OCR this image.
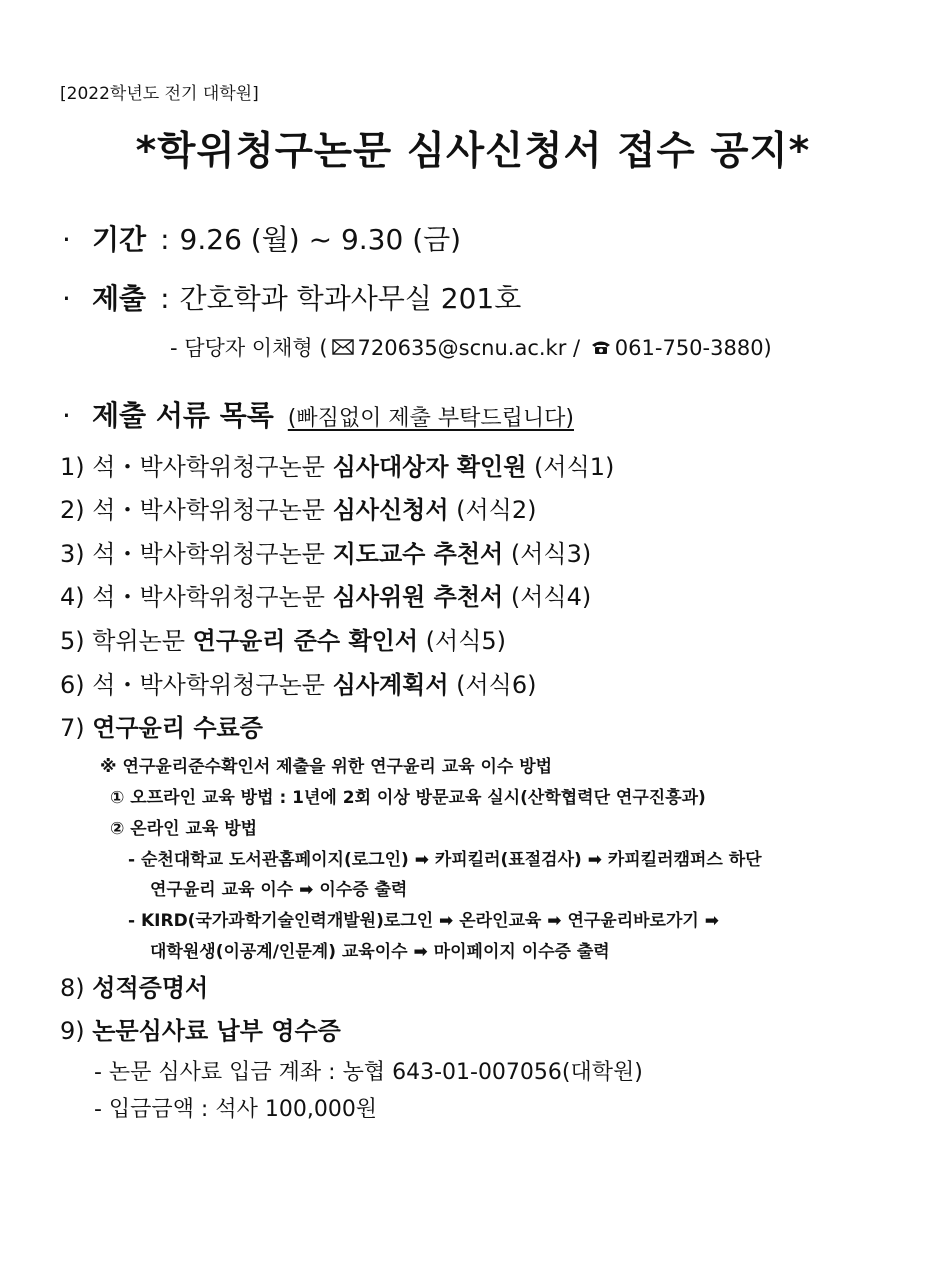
[2022학년도 전기 대학원]
*학위청구논문 심사신청서 접수 공지*
· 기간 : 9.26 (월) ~ 9.30 (금)
· 제출 : 간호학과 학과사무실 201호
- 담당자 이채형 ( 720635@scnu.ac.kr / 061-750-3880)
· 제출 서류 목록 (빠짐없이 제출 부탁드립니다)
1) 석・박사학위청구논문 심사대상자 확인원 (서식1)
2) 석・박사학위청구논문 심사신청서 (서식2)
3) 석・박사학위청구논문 지도교수 추천서 (서식3)
4) 석・박사학위청구논문 심사위원 추천서 (서식4)
5) 학위논문 연구윤리 준수 확인서 (서식5)
6) 석・박사학위청구논문 심사계획서 (서식6)
7) 연구윤리 수료증
※ 연구윤리준수확인서 제출을 위한 연구윤리 교육 이수 방법
① 오프라인 교육 방법 : 1년에 2회 이상 방문교육 실시(산학협력단 연구진흥과)
② 온라인 교육 방법
- 순천대학교 도서관홈페이지(로그인) ➡ 카피킬러(표절검사) ➡ 카피킬러캠퍼스 하단
연구윤리 교육 이수 ➡ 이수증 출력
- KIRD(국가과학기술인력개발원)로그인 ➡ 온라인교육 ➡ 연구윤리바로가기 ➡
대학원생(이공계/인문계) 교육이수 ➡ 마이페이지 이수증 출력
8) 성적증명서
9) 논문심사료 납부 영수증
- 논문 심사료 입금 계좌 : 농협 643-01-007056(대학원)
- 입금금액 : 석사 100,000원
